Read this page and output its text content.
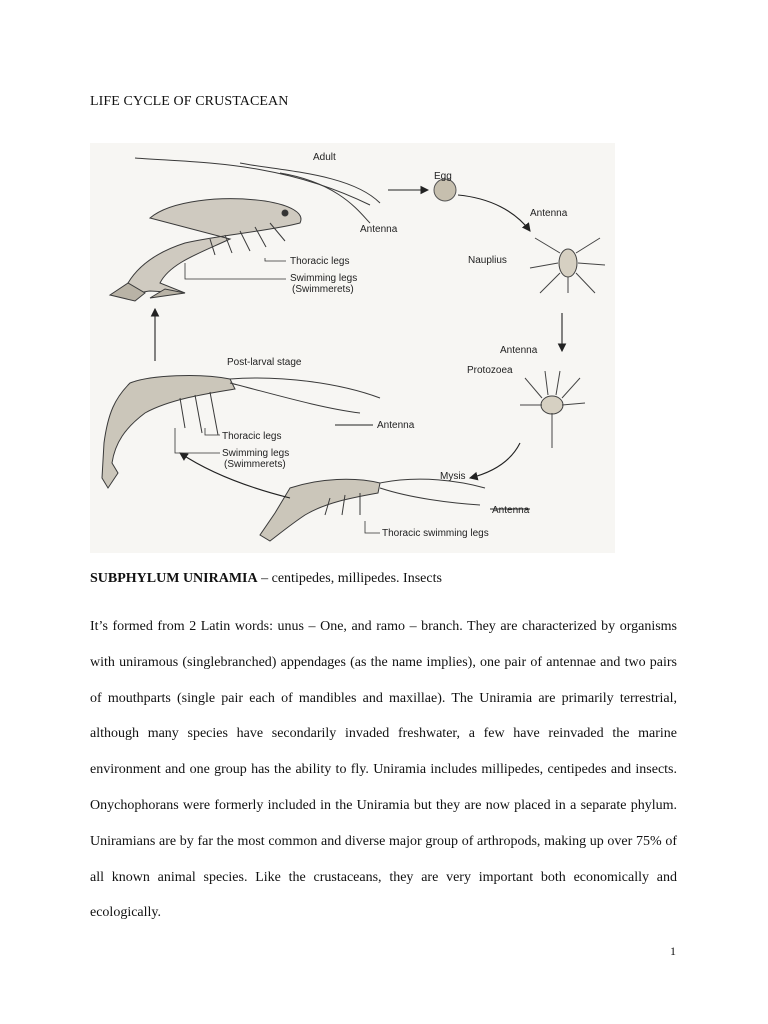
LIFE CYCLE OF CRUSTACEAN
Adult
Egg
Antenna
Thoracic legs
Swimming legs
(Swimmerets)
Antenna
Nauplius
Antenna
Protozoea
Post-larval stage
Antenna
Thoracic legs
Swimming legs
(Swimmerets)
Mysis
Antenna
Thoracic swimming legs
SUBPHYLUM UNIRAMIA – centipedes, millipedes. Insects
It’s formed from 2 Latin words: unus – One, and ramo – branch. They are characterized by organisms with uniramous (singlebranched) appendages (as the name implies), one pair of antennae and two pairs of mouthparts (single pair each of mandibles and maxillae). The Uniramia are primarily terrestrial, although many species have secondarily invaded freshwater, a few have reinvaded the marine environment and one group has the ability to fly. Uniramia includes millipedes, centipedes and insects. Onychophorans were formerly included in the Uniramia but they are now placed in a separate phylum. Uniramians are by far the most common and diverse major group of arthropods, making up over 75% of all known animal species. Like the crustaceans, they are very important both economically and ecologically.
1
